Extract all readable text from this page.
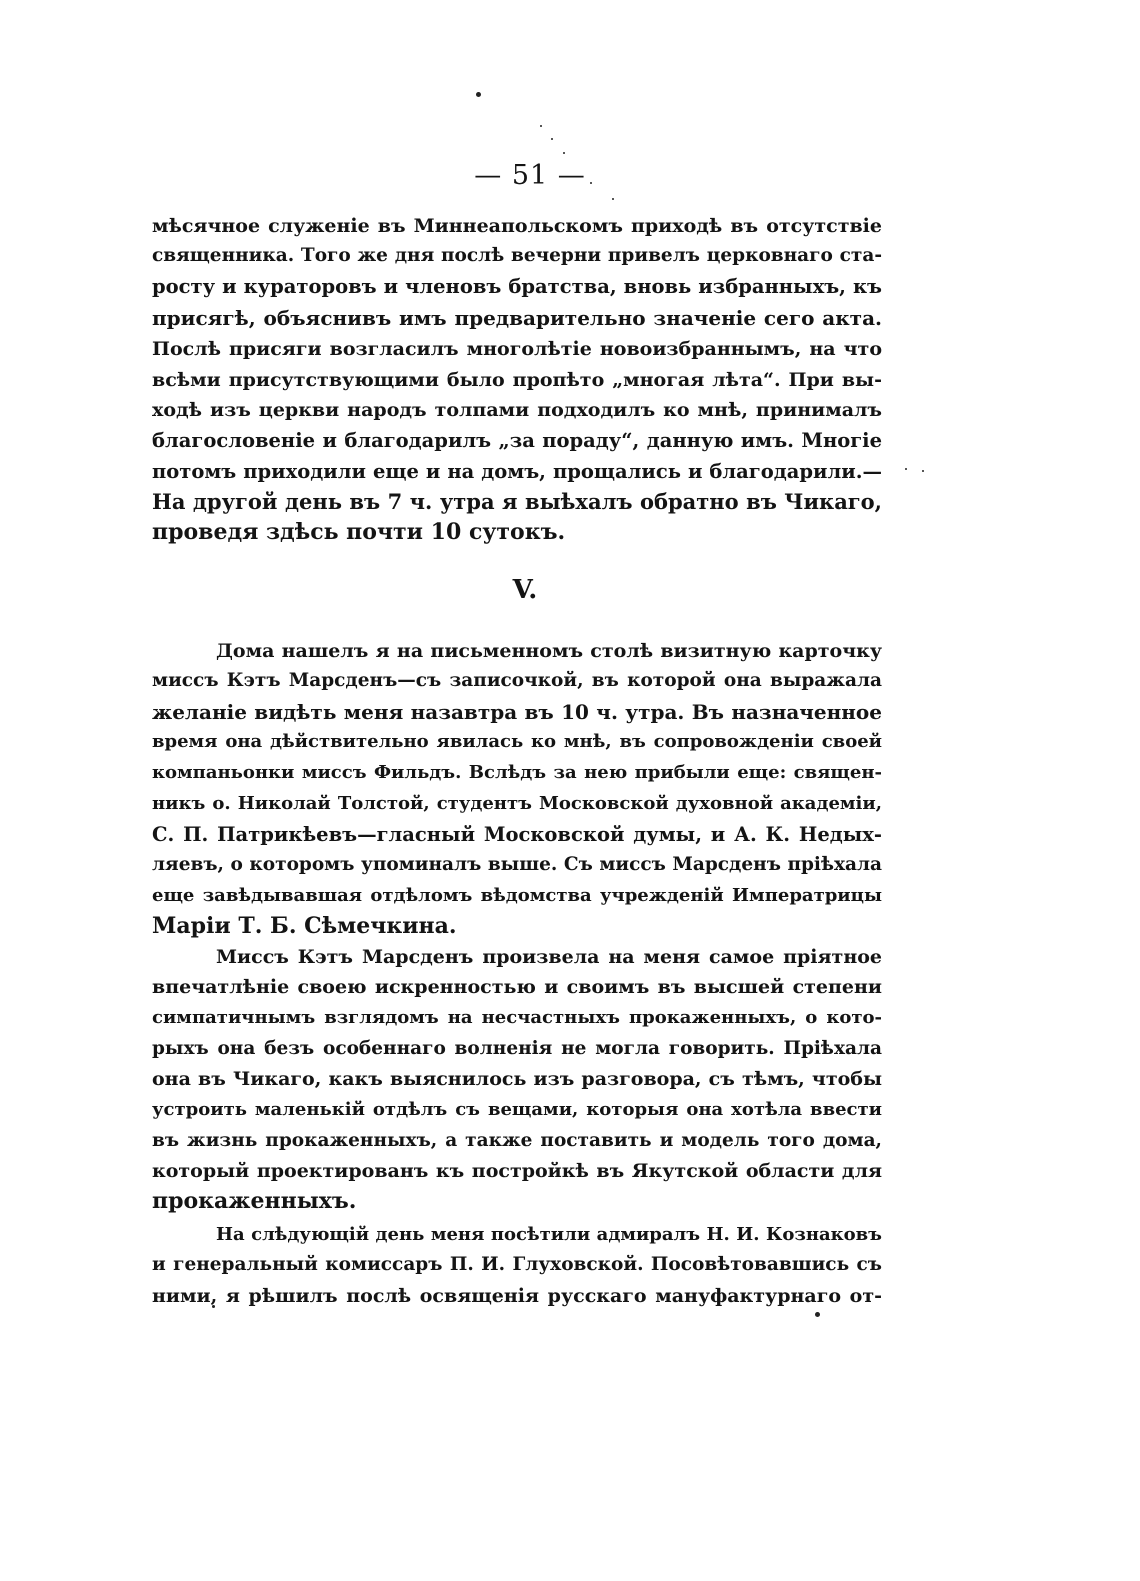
— 51 —
мѣсячное служеніе въ Миннеапольскомъ приходѣ въ отсутствіе
священника. Того же дня послѣ вечерни привелъ церковнаго ста-
росту и кураторовъ и членовъ братства, вновь избранныхъ, къ
присягѣ, объяснивъ имъ предварительно значеніе сего акта.
Послѣ присяги возгласилъ многолѣтіе новоизбраннымъ, на что
всѣми присутствующими было пропѣто „многая лѣта“. При вы-
ходѣ изъ церкви народъ толпами подходилъ ко мнѣ, принималъ
благословеніе и благодарилъ „за пораду“, данную имъ. Многіе
потомъ приходили еще и на домъ, прощались и благодарили.—
На другой день въ 7 ч. утра я выѣхалъ обратно въ Чикаго,
проведя здѣсь почти 10 сутокъ.
V.
Дома нашелъ я на письменномъ столѣ визитную карточку
миссъ Кэтъ Марсденъ—съ записочкой, въ которой она выражала
желаніе видѣть меня назавтра въ 10 ч. утра. Въ назначенное
время она дѣйствительно явилась ко мнѣ, въ сопровожденіи своей
компаньонки миссъ Фильдъ. Вслѣдъ за нею прибыли еще: священ-
никъ о. Николай Толстой, студентъ Московской духовной академіи,
С. П. Патрикѣевъ—гласный Московской думы, и А. К. Недых-
ляевъ, о которомъ упоминалъ выше. Съ миссъ Марсденъ пріѣхала
еще завѣдывавшая отдѣломъ вѣдомства учрежденій Императрицы
Маріи Т. Б. Сѣмечкина.
Миссъ Кэтъ Марсденъ произвела на меня самое пріятное
впечатлѣніе своею искренностью и своимъ въ высшей степени
симпатичнымъ взглядомъ на несчастныхъ прокаженныхъ, о кото-
рыхъ она безъ особеннаго волненія не могла говорить. Пріѣхала
она въ Чикаго, какъ выяснилось изъ разговора, съ тѣмъ, чтобы
устроить маленькій отдѣлъ съ вещами, которыя она хотѣла ввести
въ жизнь прокаженныхъ, а также поставить и модель того дома,
который проектированъ къ постройкѣ въ Якутской области для
прокаженныхъ.
На слѣдующій день меня посѣтили адмиралъ Н. И. Кознаковъ
и генеральный комиссаръ П. И. Глуховской. Посовѣтовавшись съ
ними, я рѣшилъ послѣ освященія русскаго мануфактурнаго от-
